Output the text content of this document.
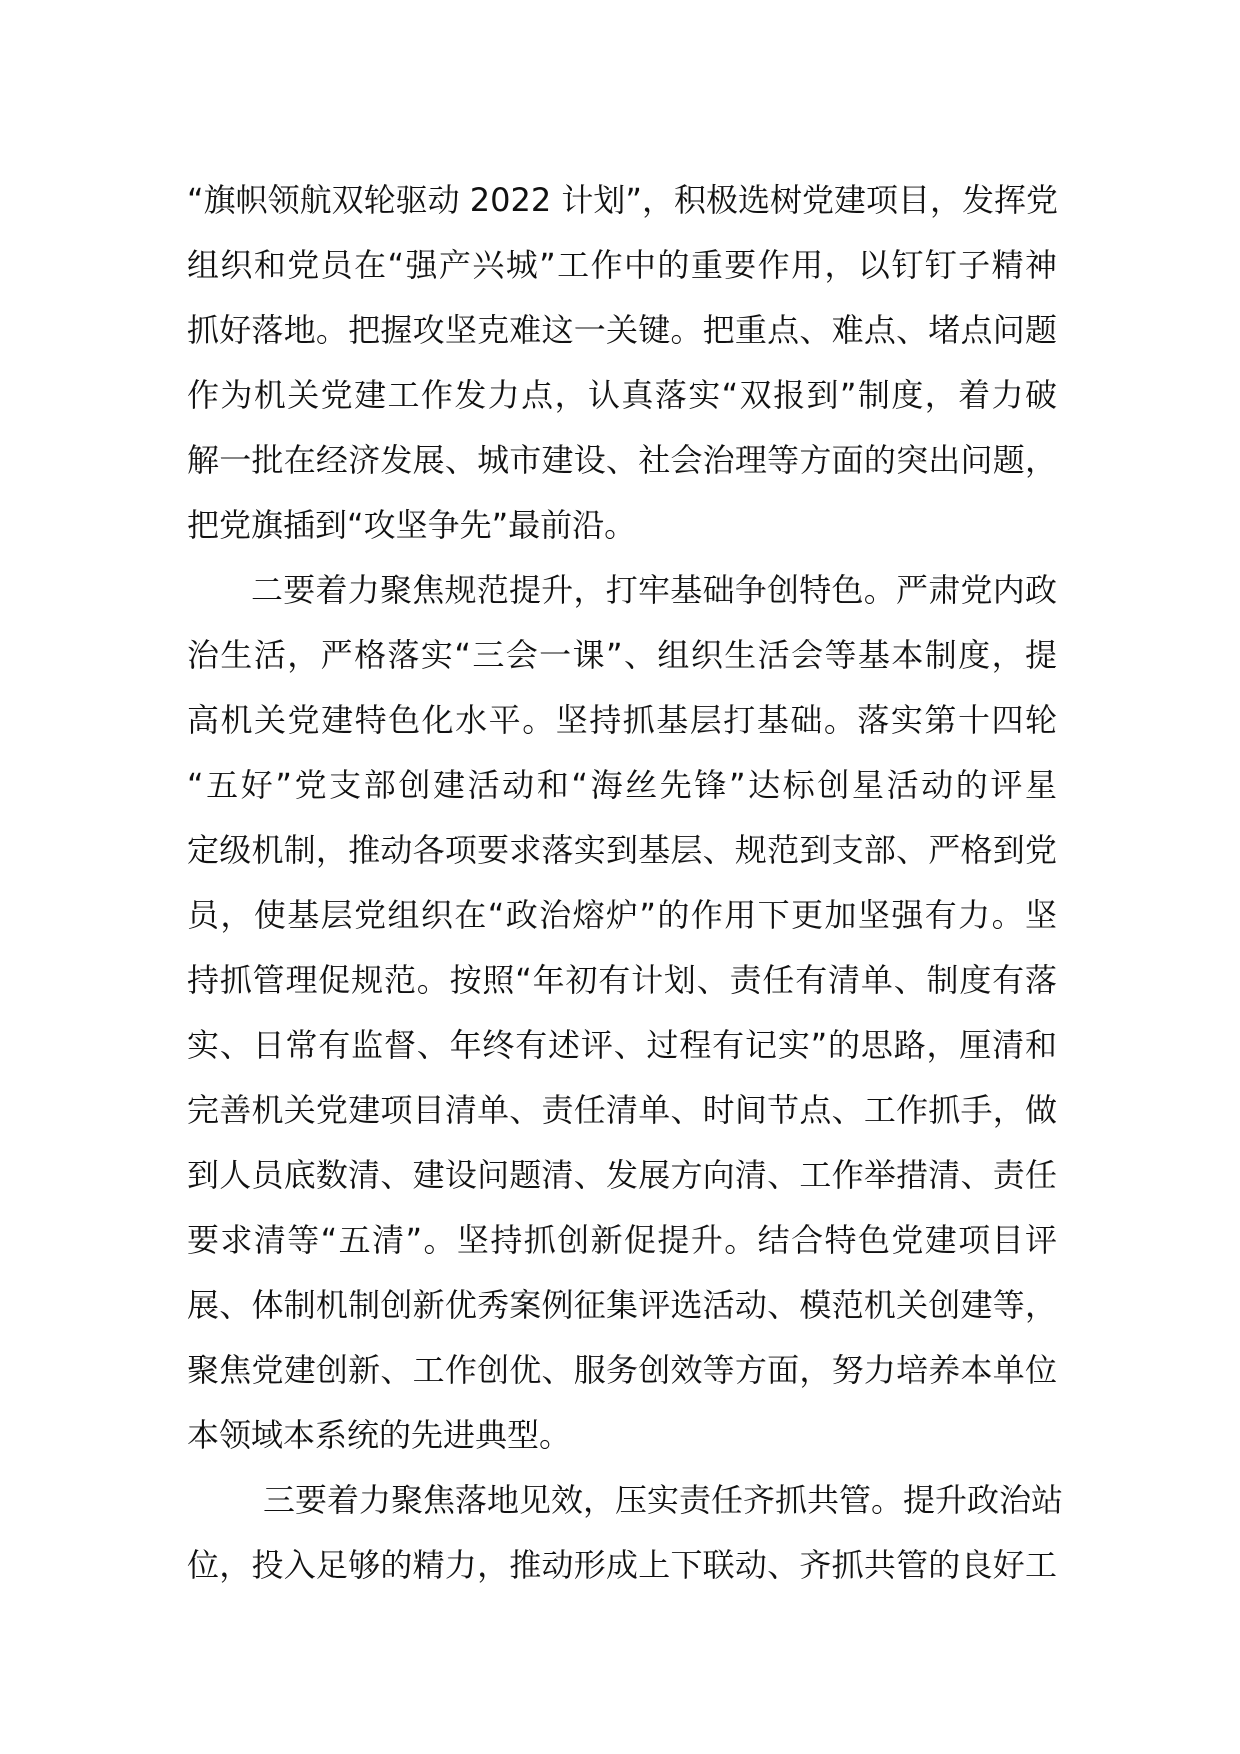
“旗帜领航双轮驱动 2022 计划”，积极选树党建项目，发挥党
组织和党员在“强产兴城”工作中的重要作用，以钉钉子精神
抓好落地。把握攻坚克难这一关键。把重点、难点、堵点问题
作为机关党建工作发力点，认真落实“双报到”制度，着力破
解一批在经济发展、城市建设、社会治理等方面的突出问题，
把党旗插到“攻坚争先”最前沿。
二要着力聚焦规范提升，打牢基础争创特色。严肃党内政
治生活，严格落实“三会一课”、组织生活会等基本制度，提
高机关党建特色化水平。坚持抓基层打基础。落实第十四轮
“五好”党支部创建活动和“海丝先锋”达标创星活动的评星
定级机制，推动各项要求落实到基层、规范到支部、严格到党
员，使基层党组织在“政治熔炉”的作用下更加坚强有力。坚
持抓管理促规范。按照“年初有计划、责任有清单、制度有落
实、日常有监督、年终有述评、过程有记实”的思路，厘清和
完善机关党建项目清单、责任清单、时间节点、工作抓手，做
到人员底数清、建设问题清、发展方向清、工作举措清、责任
要求清等“五清”。坚持抓创新促提升。结合特色党建项目评
展、体制机制创新优秀案例征集评选活动、模范机关创建等，
聚焦党建创新、工作创优、服务创效等方面，努力培养本单位
本领域本系统的先进典型。
三要着力聚焦落地见效，压实责任齐抓共管。提升政治站
位，投入足够的精力，推动形成上下联动、齐抓共管的良好工
